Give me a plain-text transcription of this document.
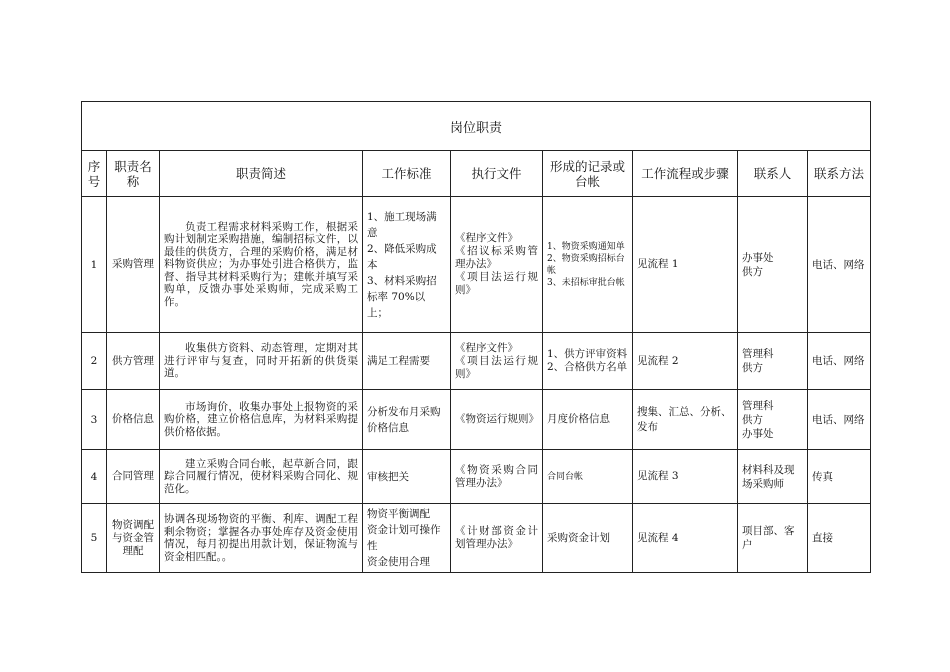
岗位职责								
序号	职责名称	职责简述	工作标准	执行文件	形成的记录或台帐	工作流程或步骤	联系人	联系方法
1	采购管理	负责工程需求材料采购工作，根据采购计划制定采购措施，编制招标文件，以最佳的供货方，合理的采购价格，满足材料物资供应；为办事处引进合格供方，监督、指导其材料采购行为；建帐并填写采购单，反馈办事处采购师，完成采购工作。	1、施工现场满意
2、降低采购成本
3、材料采购招标率 70%以上；	《程序文件》
《招议标采购管理办法》
《项目法运行规则》	1、物资采购通知单
2、物资采购招标台帐
3、未招标审批台帐	见流程 1	办事处
供方	电话、网络
2	供方管理	收集供方资料、动态管理，定期对其进行评审与复查，同时开拓新的供货渠道。	满足工程需要	《程序文件》
《项目法运行规则》	1、供方评审资料
2、合格供方名单	见流程 2	管理科
供方	电话、网络
3	价格信息	市场询价，收集办事处上报物资的采购价格，建立价格信息库，为材料采购提供价格依据。	分析发布月采购价格信息	《物资运行规则》	月度价格信息	搜集、汇总、分析、发布	管理科
供方
办事处	电话、网络
4	合同管理	建立采购合同台帐，起草新合同，跟踪合同履行情况，使材料采购合同化、规范化。	审核把关	《物资采购合同管理办法》	合同台帐	见流程 3	材料科及现场采购师	传真
5	物资调配与资金管理配	协调各现场物资的平衡、利库、调配工程剩余物资；掌握各办事处库存及资金使用情况，每月初提出用款计划，保证物流与资金相匹配。。	物资平衡调配
资金计划可操作性
资金使用合理	《计财部资金计划管理办法》	采购资金计划	见流程 4	项目部、客户	直接
